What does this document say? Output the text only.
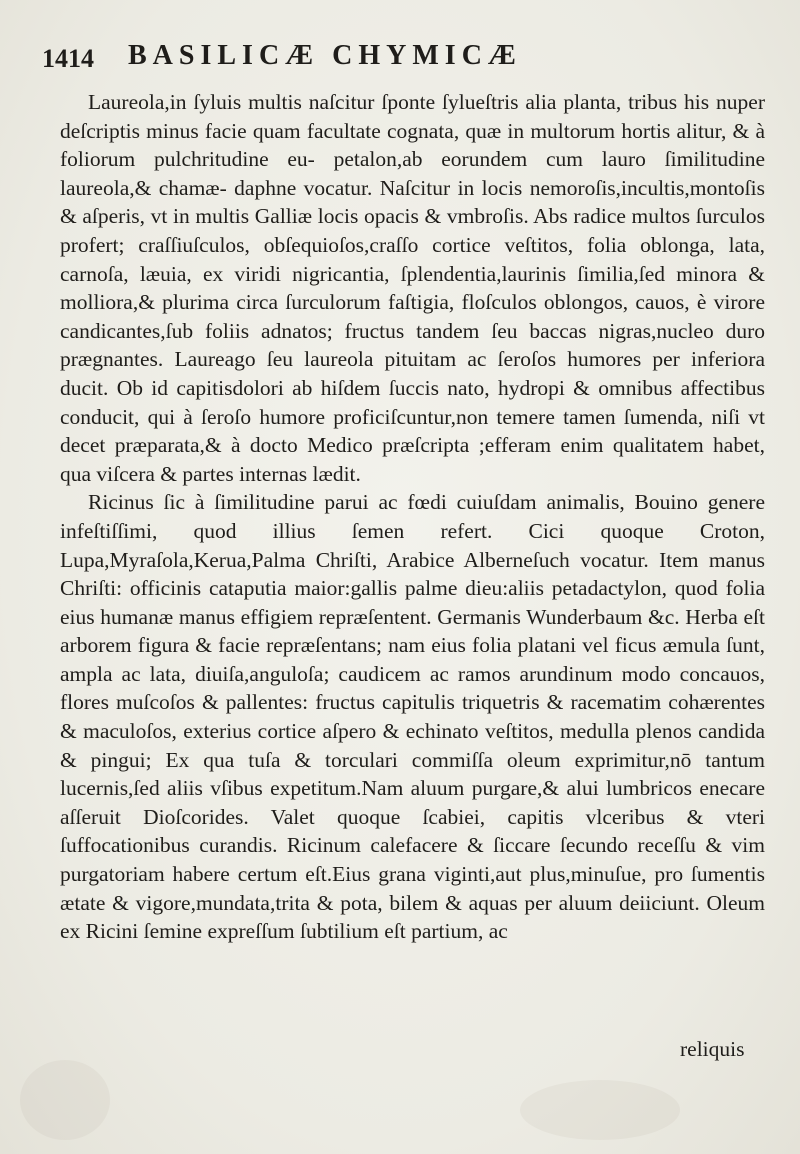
1414 BASILICÆ CHYMICÆ

Laureola,in ſyluis multis naſcitur ſponte ſylueſtris alia planta, tribus his nuper deſcriptis minus facie quam facultate cognata, quæ in multorum hortis alitur, & à foliorum pulchritudine eu- petalon,ab eorundem cum lauro ſimilitudine laureola,& chamæ- daphne vocatur. Naſcitur in locis nemoroſis,incultis,montoſis & aſperis, vt in multis Galliæ locis opacis & vmbroſis. Abs radice multos ſurculos profert; craſſiuſculos, obſequioſos,craſſo cortice veſtitos, folia oblonga, lata, carnoſa, læuia, ex viridi nigricantia, ſplendentia,laurinis ſimilia,ſed minora & molliora,& plurima circa ſurculorum faſtigia, floſculos oblongos, cauos, è virore candicantes,ſub foliis adnatos; fructus tandem ſeu baccas nigras,nucleo duro prægnantes. Laureago ſeu laureola pituitam ac ſeroſos humores per inferiora ducit. Ob id capitisdolori ab hiſdem ſuccis nato, hydropi & omnibus affectibus conducit, qui à ſeroſo humore proficiſcuntur,non temere tamen ſumenda, niſi vt decet præparata,& à docto Medico præſcripta ;efferam enim qualitatem habet, qua viſcera & partes internas lædit.

Ricinus ſic à ſimilitudine parui ac fœdi cuiuſdam animalis, Bouino genere infeſtiſſimi, quod illius ſemen refert. Cici quoque Croton, Lupa,Myraſola,Kerua,Palma Chriſti, Arabice Alberneſuch vocatur. Item manus Chriſti: officinis cataputia maior:gallis palme dieu:aliis petadactylon, quod folia eius humanæ manus effigiem repræſentent. Germanis Wunderbaum &c. Herba eſt arborem figura & facie repræſentans; nam eius folia platani vel ficus æmula ſunt, ampla ac lata, diuiſa,anguloſa; caudicem ac ramos arundinum modo concauos, flores muſcoſos & pallentes: fructus capitulis triquetris & racematim cohærentes & maculoſos, exterius cortice aſpero & echinato veſtitos, medulla plenos candida & pingui; Ex qua tuſa & torculari commiſſa oleum exprimitur,nō tantum lucernis,ſed aliis vſibus expetitum.Nam aluum purgare,& alui lumbricos enecare aſſeruit Dioſcorides. Valet quoque ſcabiei, capitis vlceribus & vteri ſuffocationibus curandis. Ricinum calefacere & ſiccare ſecundo receſſu & vim purgatoriam habere certum eſt.Eius grana viginti,aut plus,minuſue, pro ſumentis ætate & vigore,mundata,trita & pota, bilem & aquas per aluum deiiciunt. Oleum ex Ricini ſemine expreſſum ſubtilium eſt partium, ac

reliquis
